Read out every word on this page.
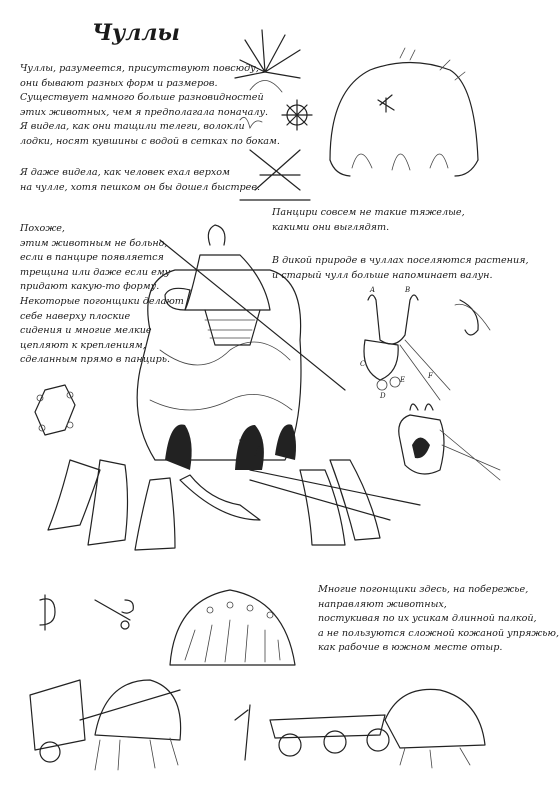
Чуллы
Чуллы, разумеется, присутствуют повсюду,
они бывают разных форм и размеров.
Существует намного больше разновидностей
этих животных, чем я предполагала поначалу.
Я видела, как они тащили телеги, волокли
лодки, носят кувшины с водой в сетках по бокам.
Я даже видела, как человек ехал верхом
на чулле, хотя пешком он бы дошел быстрее.
Панцири совсем не такие тяжелые,
какими они выглядят.
В дикой природе в чуллах поселяются растения,
и старый чулл больше напоминает валун.
Похоже,
этим животным не больно,
если в панцире появляется
трещина или даже если ему
придают какую-то форму.
Некоторые погонщики делают
себе наверху плоские
сидения и многие мелкие
цепляют к креплениям,
сделанным прямо в панцирь.
Многие погонщики здесь, на побережье,
направляют животных,
постукивая по их усикам длинной палкой,
а не пользуются сложной кожаной упряжью,
как рабочие в южном месте отыр.
A	B
C
D
E	F
